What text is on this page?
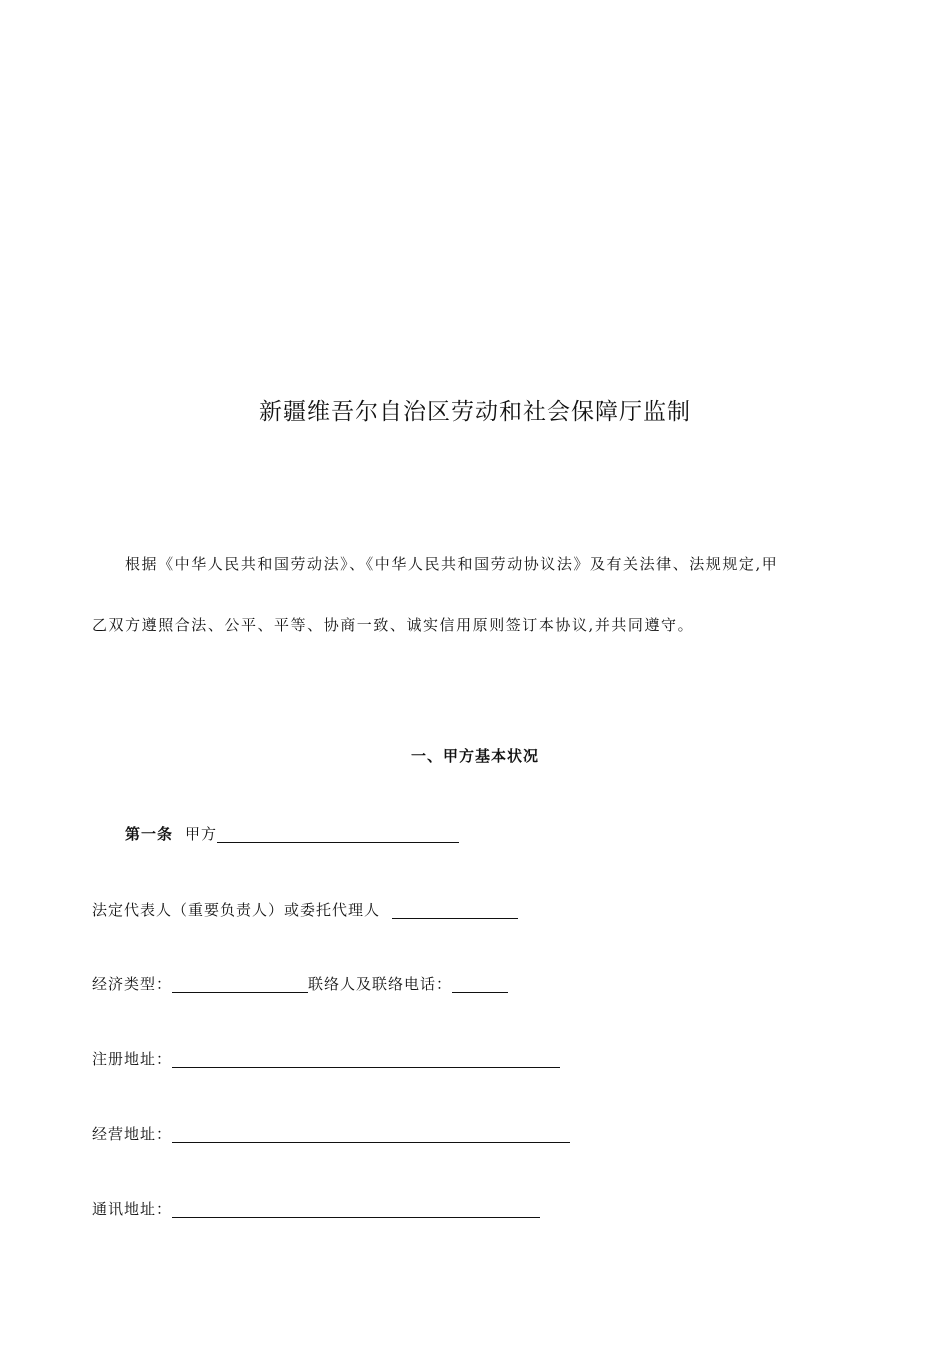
新疆维吾尔自治区劳动和社会保障厅监制
根据《中华人民共和国劳动法》、《中华人民共和国劳动协议法》及有关法律、法规规定,甲
乙双方遵照合法、公平、平等、协商一致、诚实信用原则签订本协议,并共同遵守。
一、甲方基本状况
第一条 甲方
法定代表人（重要负责人）或委托代理人
经济类型：	联络人及联络电话：
注册地址：
经营地址：
通讯地址：
